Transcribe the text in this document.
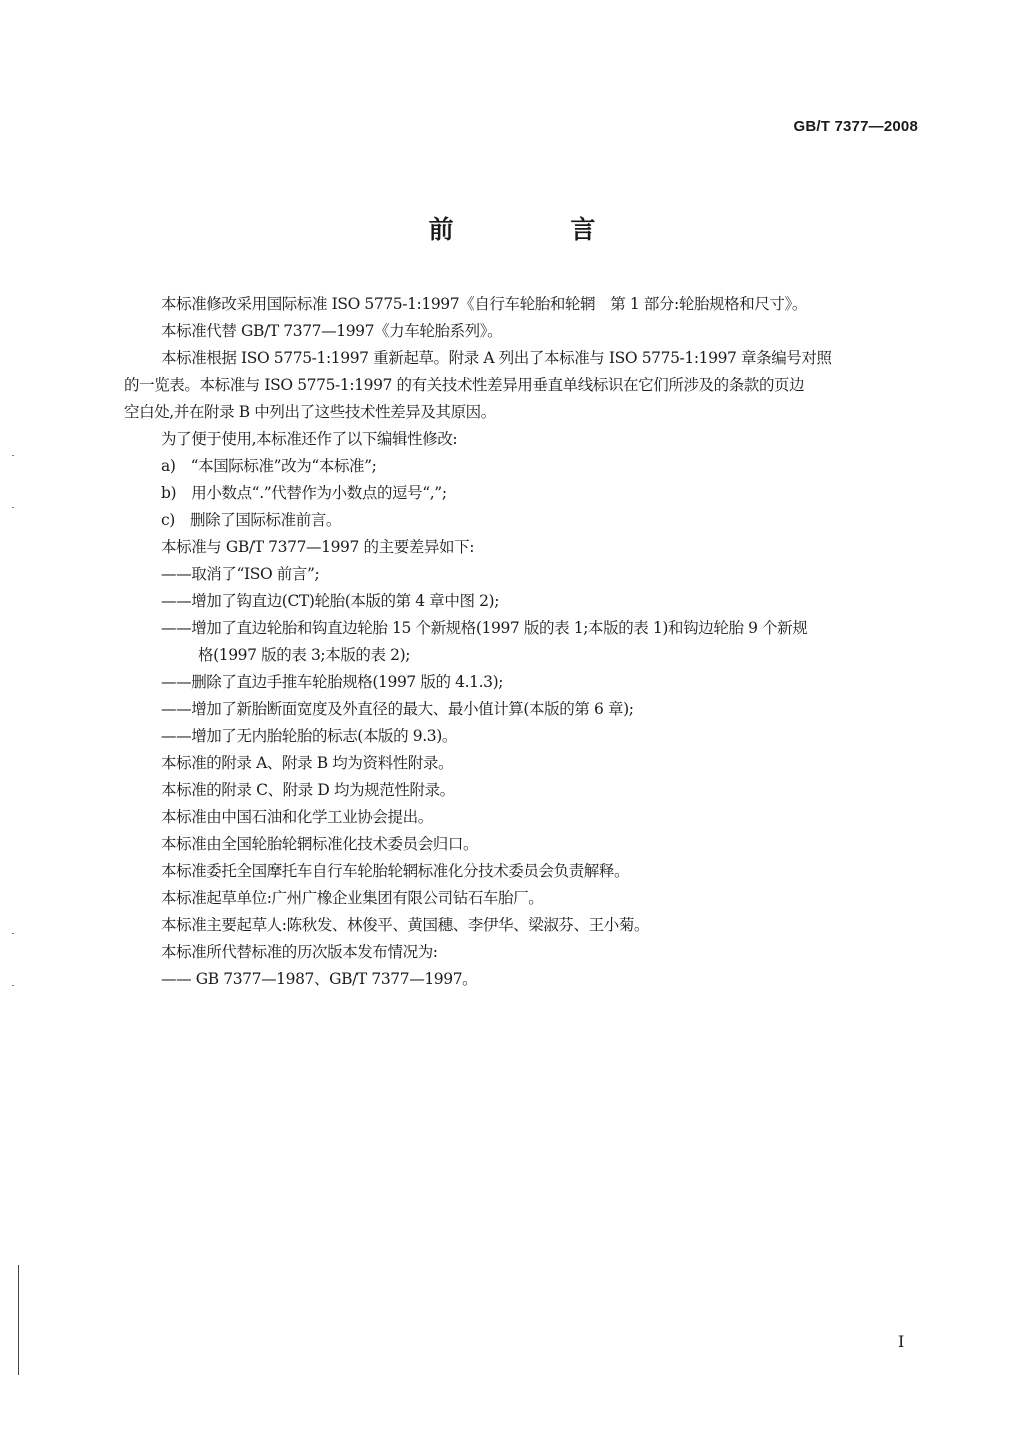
GB/T 7377—2008
前 言
本标准修改采用国际标准 ISO 5775-1:1997《自行车轮胎和轮辋　第 1 部分:轮胎规格和尺寸》。
本标准代替 GB/T 7377—1997《力车轮胎系列》。
本标准根据 ISO 5775-1:1997 重新起草。附录 A 列出了本标准与 ISO 5775-1:1997 章条编号对照
的一览表。本标准与 ISO 5775-1:1997 的有关技术性差异用垂直单线标识在它们所涉及的条款的页边
空白处,并在附录 B 中列出了这些技术性差异及其原因。
为了便于使用,本标准还作了以下编辑性修改:
a)　“本国际标准”改为“本标准”;
b)　用小数点“.”代替作为小数点的逗号“,”;
c)　删除了国际标准前言。
本标准与 GB/T 7377—1997 的主要差异如下:
——取消了“ISO 前言”;
——增加了钩直边(CT)轮胎(本版的第 4 章中图 2);
——增加了直边轮胎和钩直边轮胎 15 个新规格(1997 版的表 1;本版的表 1)和钩边轮胎 9 个新规
格(1997 版的表 3;本版的表 2);
——删除了直边手推车轮胎规格(1997 版的 4.1.3);
——增加了新胎断面宽度及外直径的最大、最小值计算(本版的第 6 章);
——增加了无内胎轮胎的标志(本版的 9.3)。
本标准的附录 A、附录 B 均为资料性附录。
本标准的附录 C、附录 D 均为规范性附录。
本标准由中国石油和化学工业协会提出。
本标准由全国轮胎轮辋标准化技术委员会归口。
本标准委托全国摩托车自行车轮胎轮辋标准化分技术委员会负责解释。
本标准起草单位:广州广橡企业集团有限公司钻石车胎厂。
本标准主要起草人:陈秋发、林俊平、黄国穗、李伊华、梁淑芬、王小菊。
本标准所代替标准的历次版本发布情况为:
—— GB 7377—1987、GB/T 7377—1997。
I
